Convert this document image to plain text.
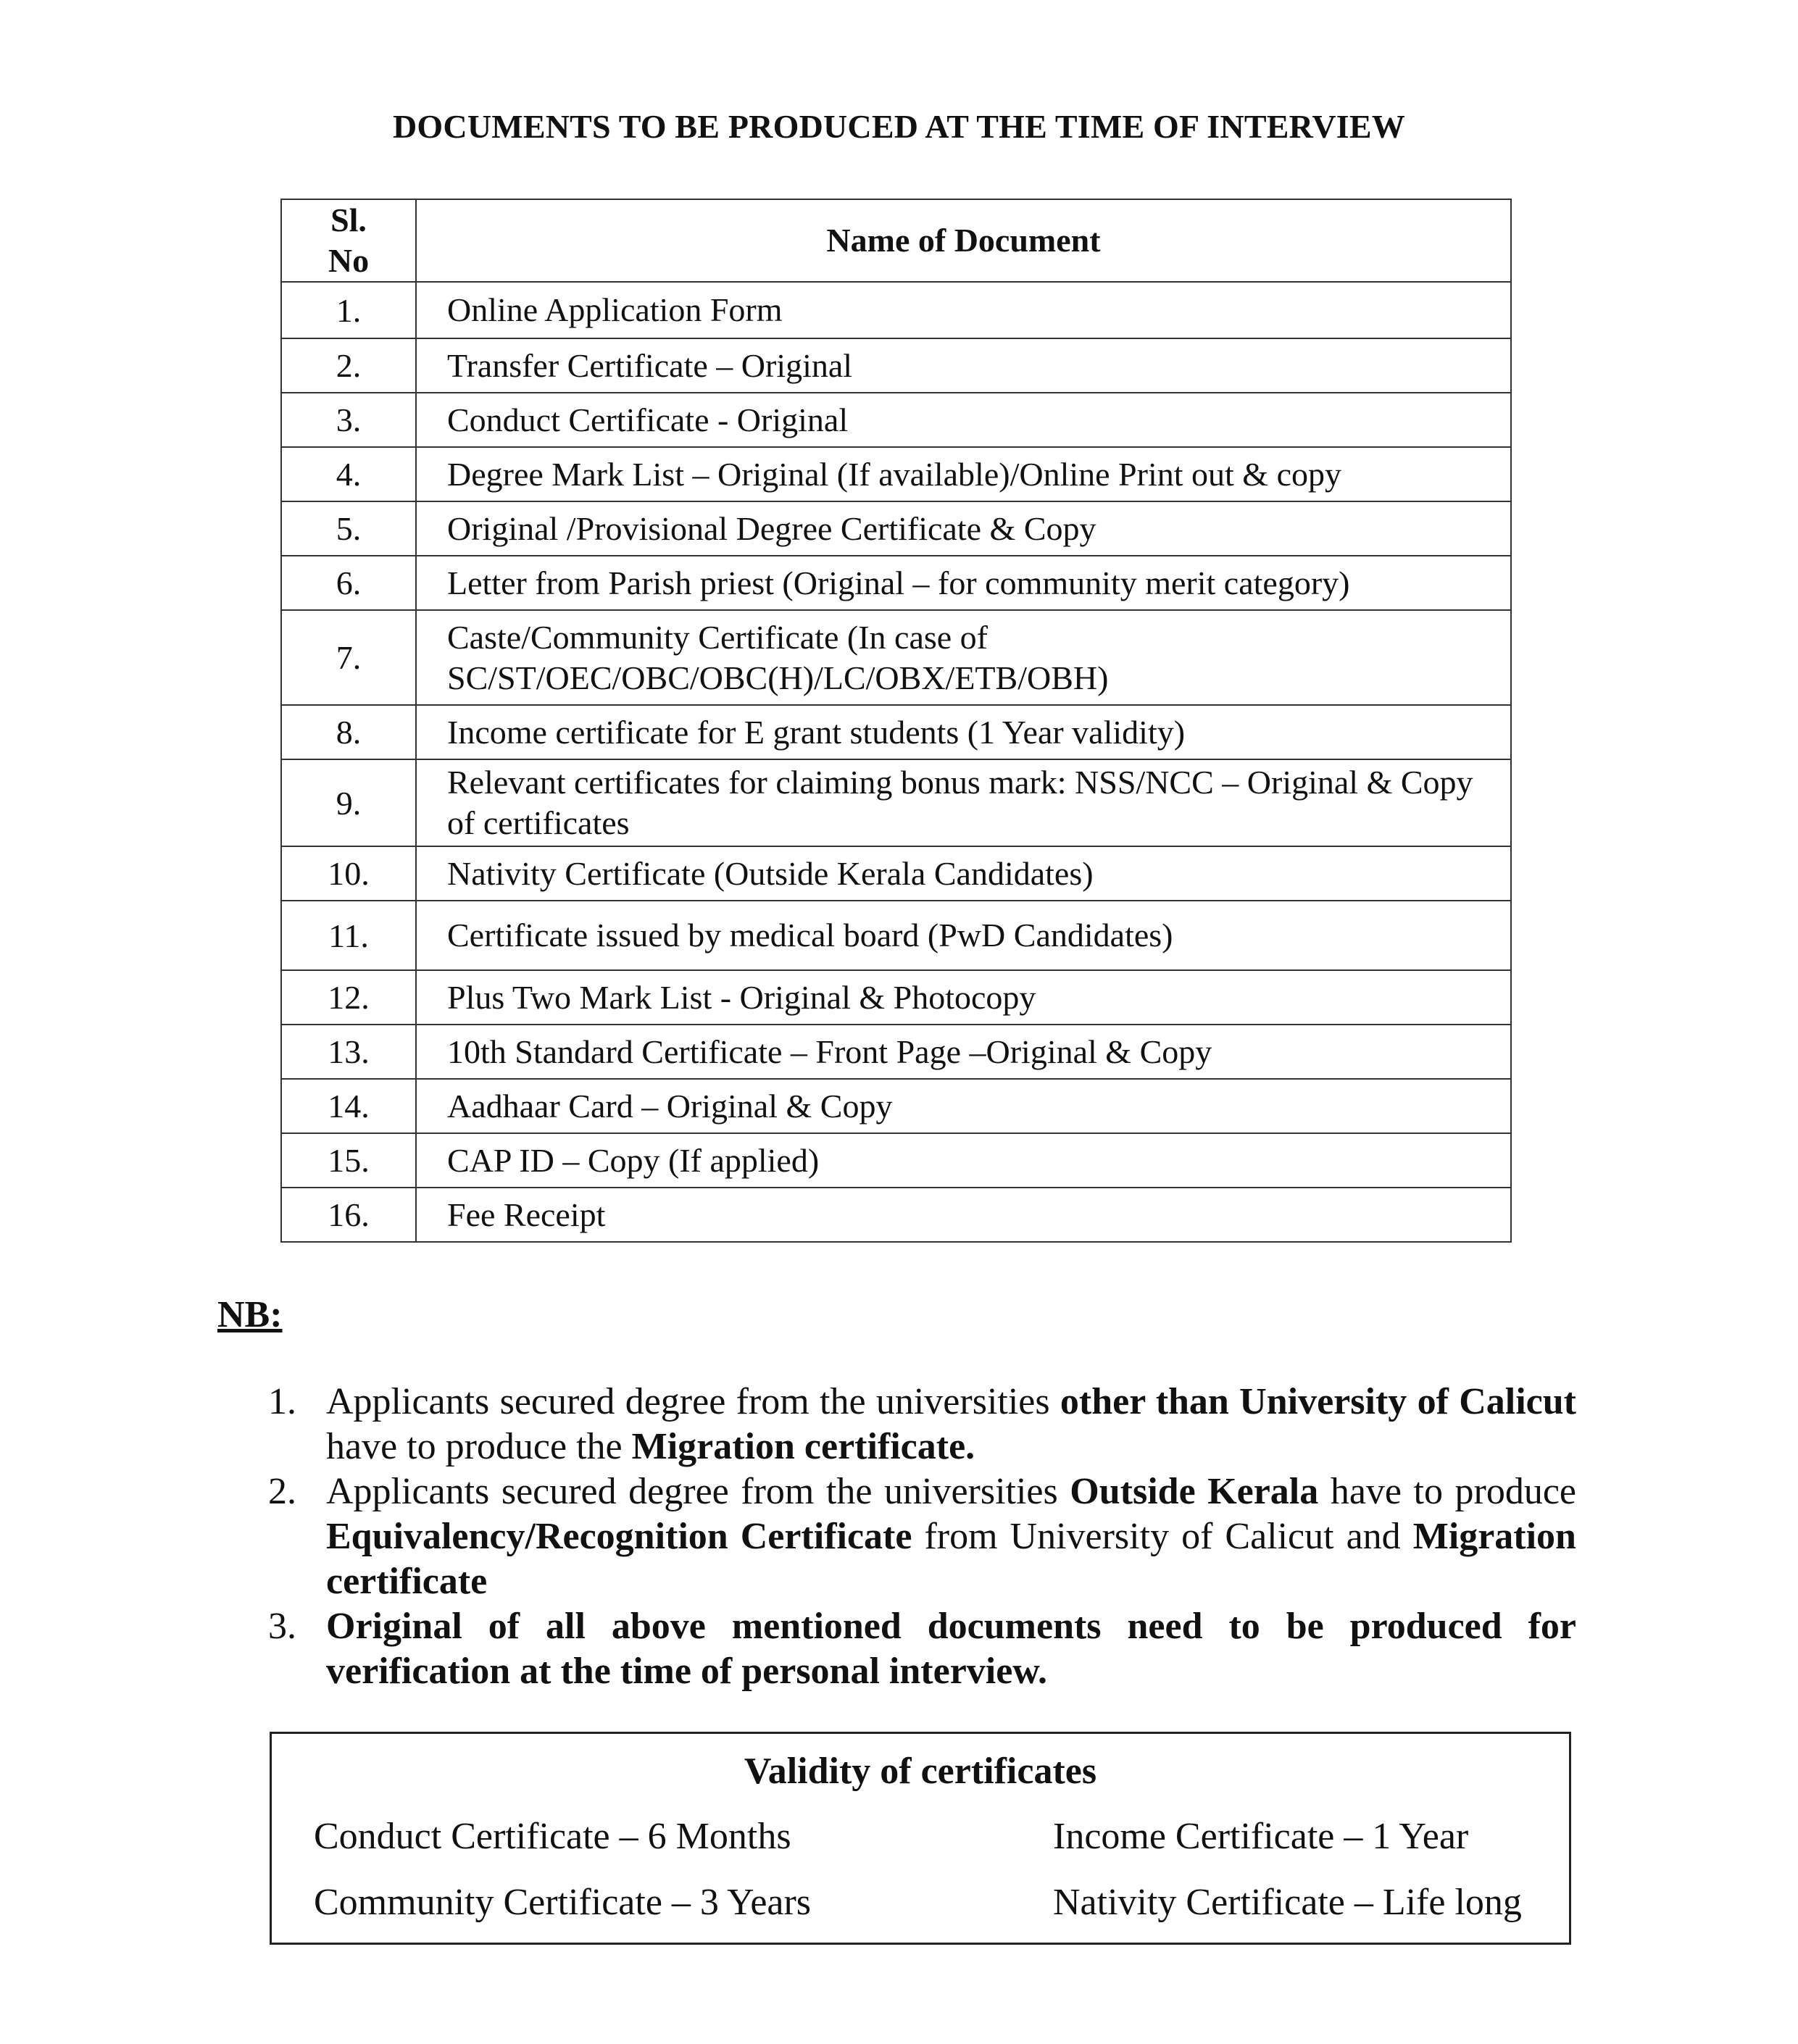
DOCUMENTS TO BE PRODUCED AT THE TIME OF INTERVIEW
Sl.
No	Name of Document
1.	Online Application Form
2.	Transfer Certificate – Original
3.	Conduct Certificate - Original
4.	Degree Mark List – Original (If available)/Online Print out & copy
5.	Original /Provisional Degree Certificate & Copy
6.	Letter from Parish priest (Original – for community merit category)
7.	Caste/Community Certificate (In case of SC/ST/OEC/OBC/OBC(H)/LC/OBX/ETB/OBH)
8.	Income certificate for E grant students (1 Year validity)
9.	Relevant certificates for claiming bonus mark: NSS/NCC – Original & Copy of certificates
10.	Nativity Certificate (Outside Kerala Candidates)
11.	Certificate issued by medical board (PwD Candidates)
12.	Plus Two Mark List - Original & Photocopy
13.	10th Standard Certificate – Front Page –Original & Copy
14.	Aadhaar Card – Original & Copy
15.	CAP ID – Copy (If applied)
16.	Fee Receipt
NB:
1. Applicants secured degree from the universities other than University of Calicut have to produce the Migration certificate.
2. Applicants secured degree from the universities Outside Kerala have to produce Equivalency/Recognition Certificate from University of Calicut and Migration certificate
3. Original of all above mentioned documents need to be produced for verification at the time of personal interview.
Validity of certificates
Conduct Certificate – 6 Months	Income Certificate – 1 Year
Community Certificate – 3 Years	Nativity Certificate – Life long
